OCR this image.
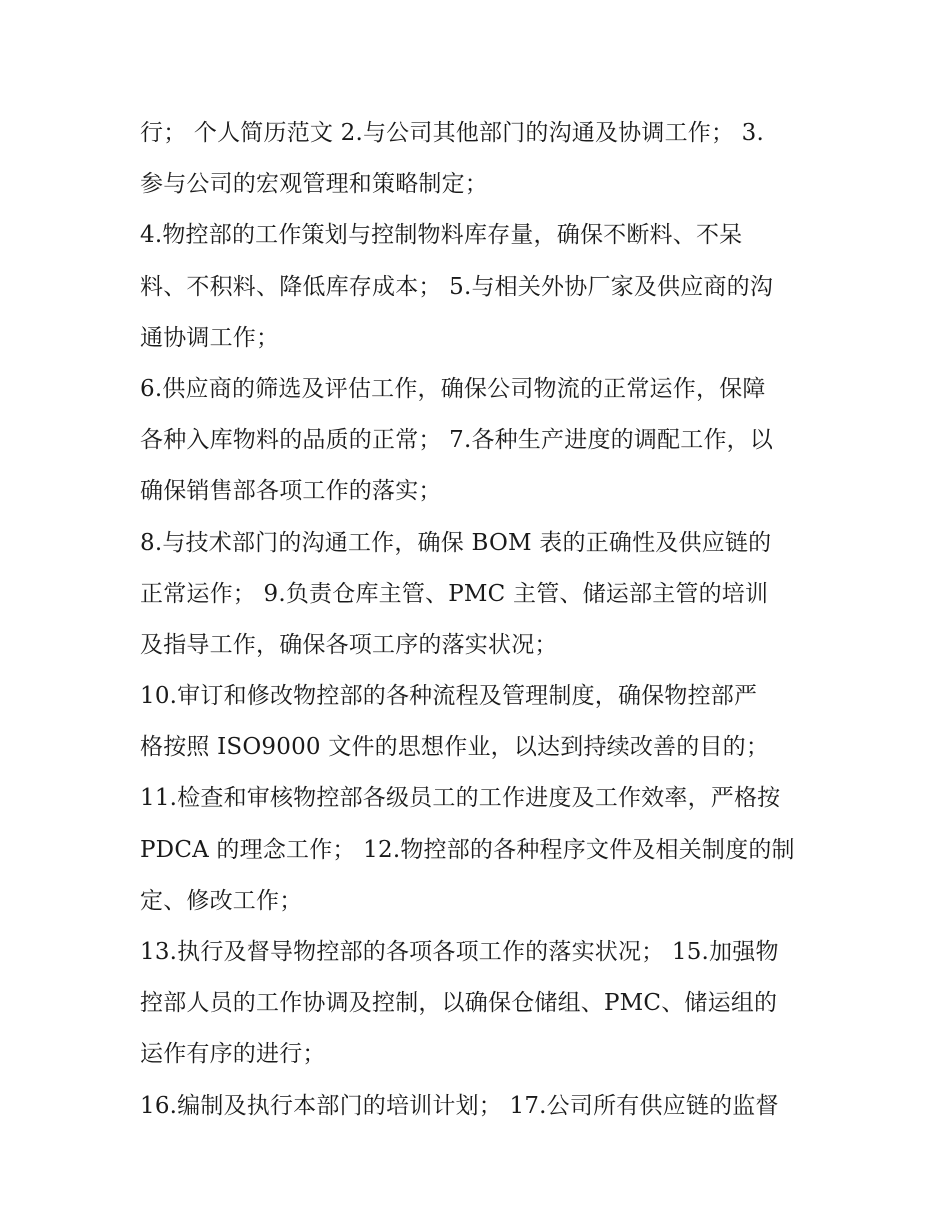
行； 个人简历范文 2.与公司其他部门的沟通及协调工作； 3.
参与公司的宏观管理和策略制定；
4.物控部的工作策划与控制物料库存量，确保不断料、不呆
料、不积料、降低库存成本； 5.与相关外协厂家及供应商的沟
通协调工作；
6.供应商的筛选及评估工作，确保公司物流的正常运作，保障
各种入库物料的品质的正常； 7.各种生产进度的调配工作，以
确保销售部各项工作的落实；
8.与技术部门的沟通工作，确保 BOM 表的正确性及供应链的
正常运作； 9.负责仓库主管、PMC 主管、储运部主管的培训
及指导工作，确保各项工序的落实状况；
10.审订和修改物控部的各种流程及管理制度，确保物控部严
格按照 ISO9000 文件的思想作业，以达到持续改善的目的；
11.检查和审核物控部各级员工的工作进度及工作效率，严格按
PDCA 的理念工作； 12.物控部的各种程序文件及相关制度的制
定、修改工作；
13.执行及督导物控部的各项各项工作的落实状况； 15.加强物
控部人员的工作协调及控制，以确保仓储组、PMC、储运组的
运作有序的进行；
16.编制及执行本部门的培训计划； 17.公司所有供应链的监督
